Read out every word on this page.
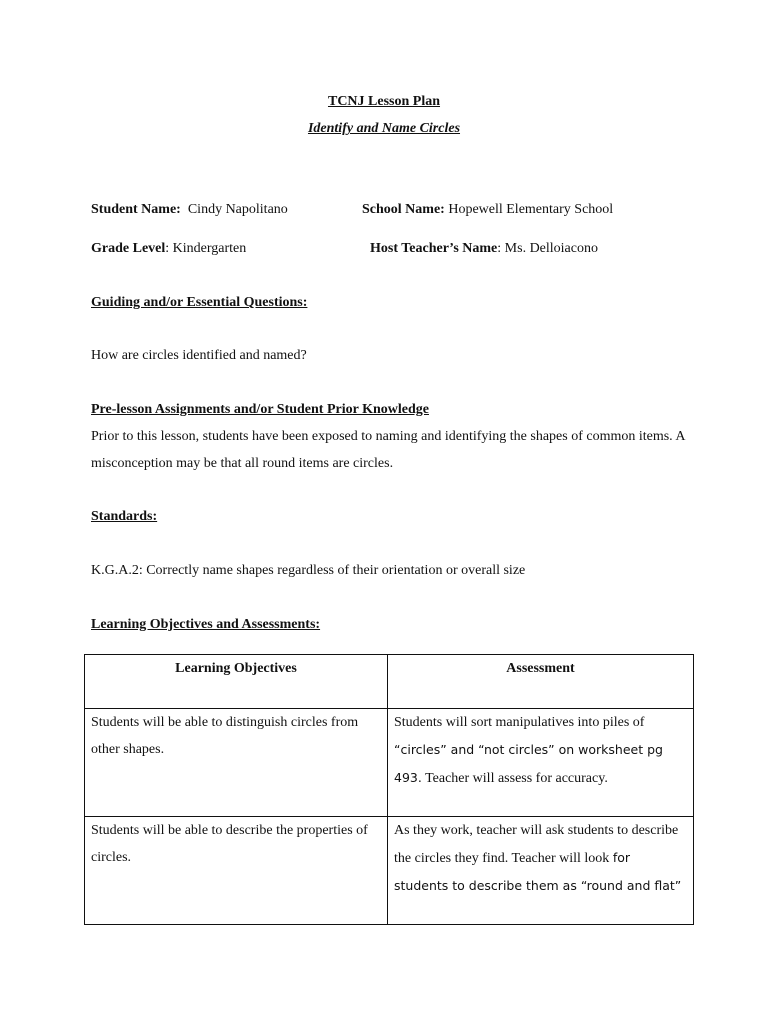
TCNJ Lesson Plan
Identify and Name Circles
Student Name: Cindy Napolitano	School Name: Hopewell Elementary School
Grade Level: Kindergarten	Host Teacher’s Name: Ms. Delloiacono
Guiding and/or Essential Questions:
How are circles identified and named?
Pre-lesson Assignments and/or Student Prior Knowledge
Prior to this lesson, students have been exposed to naming and identifying the shapes of common items. A misconception may be that all round items are circles.
Standards:
K.G.A.2: Correctly name shapes regardless of their orientation or overall size
Learning Objectives and Assessments:
Learning Objectives	Assessment
Students will be able to distinguish circles from other shapes.	Students will sort manipulatives into piles of “circles” and “not circles” on worksheet pg 493. Teacher will assess for accuracy.
Students will be able to describe the properties of circles.	As they work, teacher will ask students to describe the circles they find. Teacher will look for students to describe them as “round and flat”
